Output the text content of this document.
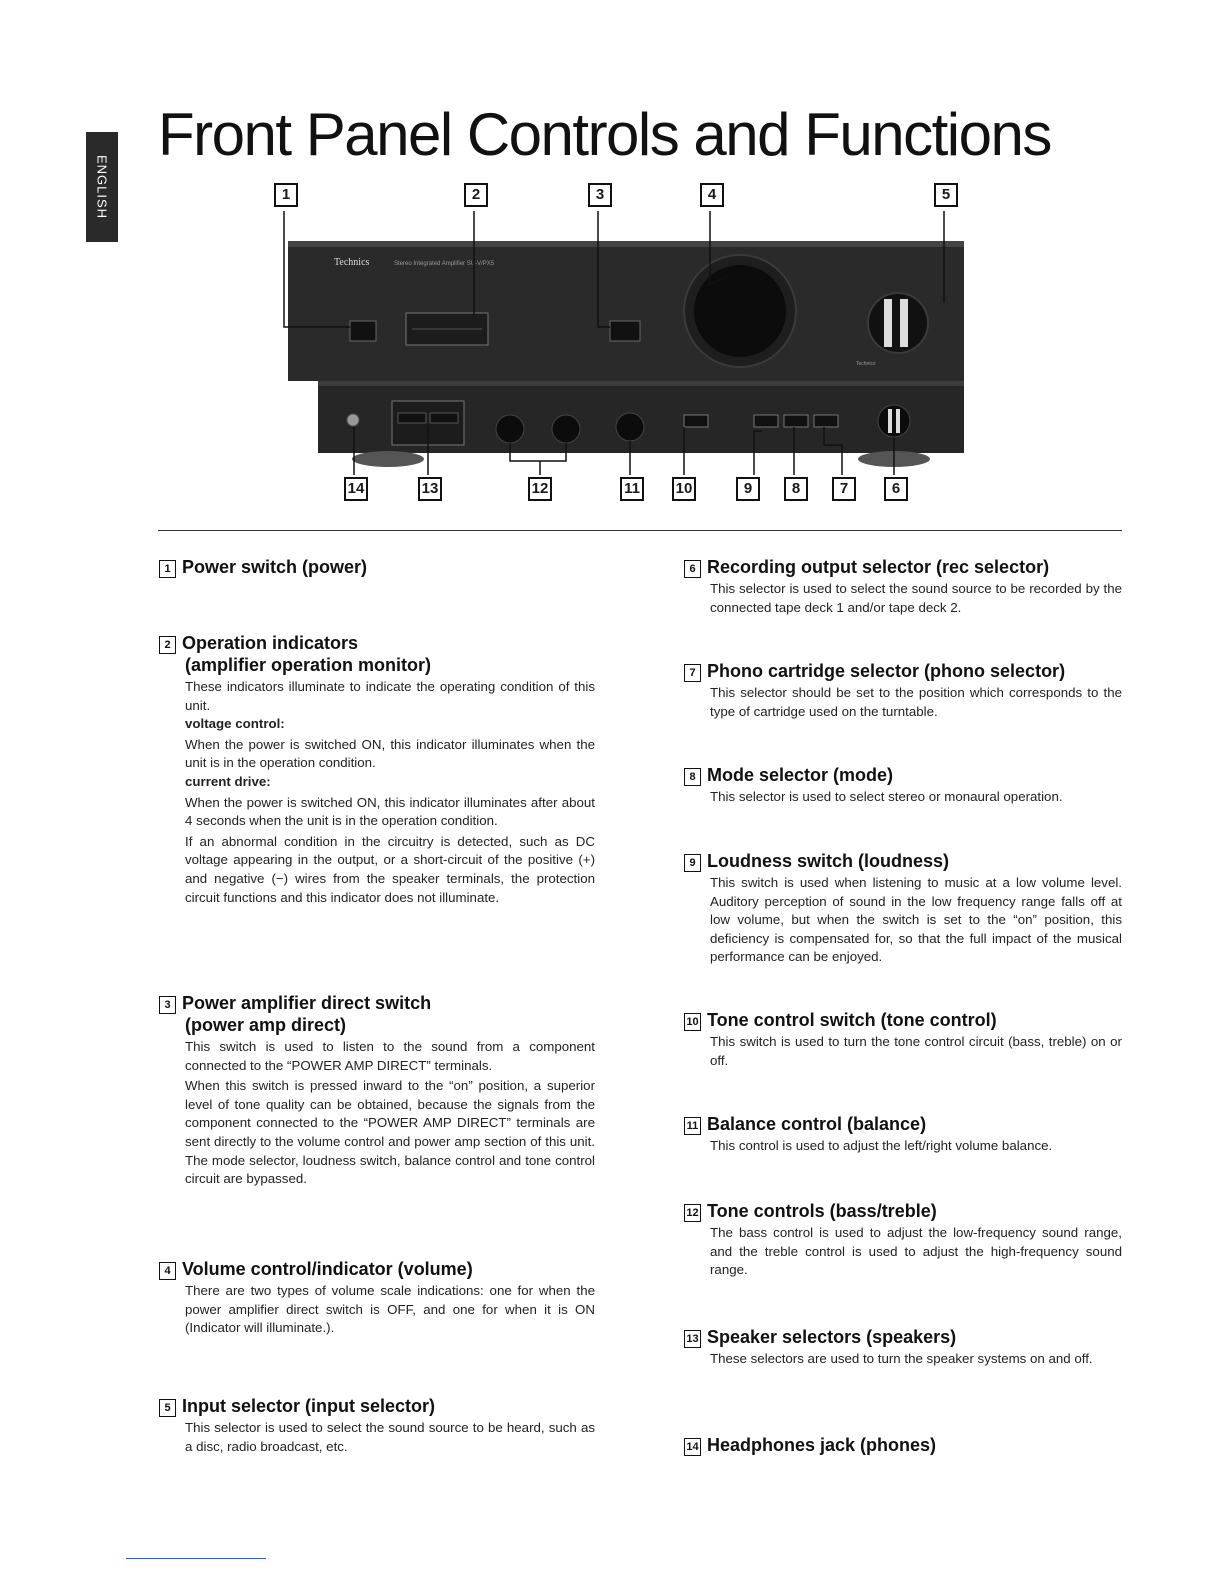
ENGLISH
Front Panel Controls and Functions
Technics	Stereo Integrated Amplifier SU-V/PX5
Technics
1	2	3	4	5
6
7
8
9
10
11
12
13
14
1 Power switch (power)
2 Operation indicators
(amplifier operation monitor)

These indicators illuminate to indicate the operating condition of this unit.

voltage control:

When the power is switched ON, this indicator illuminates when the unit is in the operation condition.

current drive:

When the power is switched ON, this indicator illuminates after about 4 seconds when the unit is in the operation condition.

If an abnormal condition in the circuitry is detected, such as DC voltage appearing in the output, or a short-circuit of the positive (+) and negative (−) wires from the speaker terminals, the protection circuit functions and this indicator does not illuminate.

3 Power amplifier direct switch
(power amp direct)

This switch is used to listen to the sound from a component connected to the “POWER AMP DIRECT” terminals.

When this switch is pressed inward to the “on” position, a superior level of tone quality can be obtained, because the signals from the component connected to the “POWER AMP DIRECT” terminals are sent directly to the volume control and power amp section of this unit. The mode selector, loudness switch, balance control and tone control circuit are bypassed.

4 Volume control/indicator (volume)

There are two types of volume scale indications: one for when the power amplifier direct switch is OFF, and one for when it is ON (Indicator will illuminate.).

5 Input selector (input selector)

This selector is used to select the sound source to be heard, such as a disc, radio broadcast, etc.

6 Recording output selector (rec selector)

This selector is used to select the sound source to be recorded by the connected tape deck 1 and/or tape deck 2.

7 Phono cartridge selector (phono selector)

This selector should be set to the position which corresponds to the type of cartridge used on the turntable.

8 Mode selector (mode)

This selector is used to select stereo or monaural operation.

9 Loudness switch (loudness)

This switch is used when listening to music at a low volume level. Auditory perception of sound in the low frequency range falls off at low volume, but when the switch is set to the “on” position, this deficiency is compensated for, so that the full impact of the musical performance can be enjoyed.

10 Tone control switch (tone control)

This switch is used to turn the tone control circuit (bass, treble) on or off.

11 Balance control (balance)

This control is used to adjust the left/right volume balance.

12 Tone controls (bass/treble)

The bass control is used to adjust the low-frequency sound range, and the treble control is used to adjust the high-frequency sound range.

13 Speaker selectors (speakers)

These selectors are used to turn the speaker systems on and off.

14 Headphones jack (phones)
